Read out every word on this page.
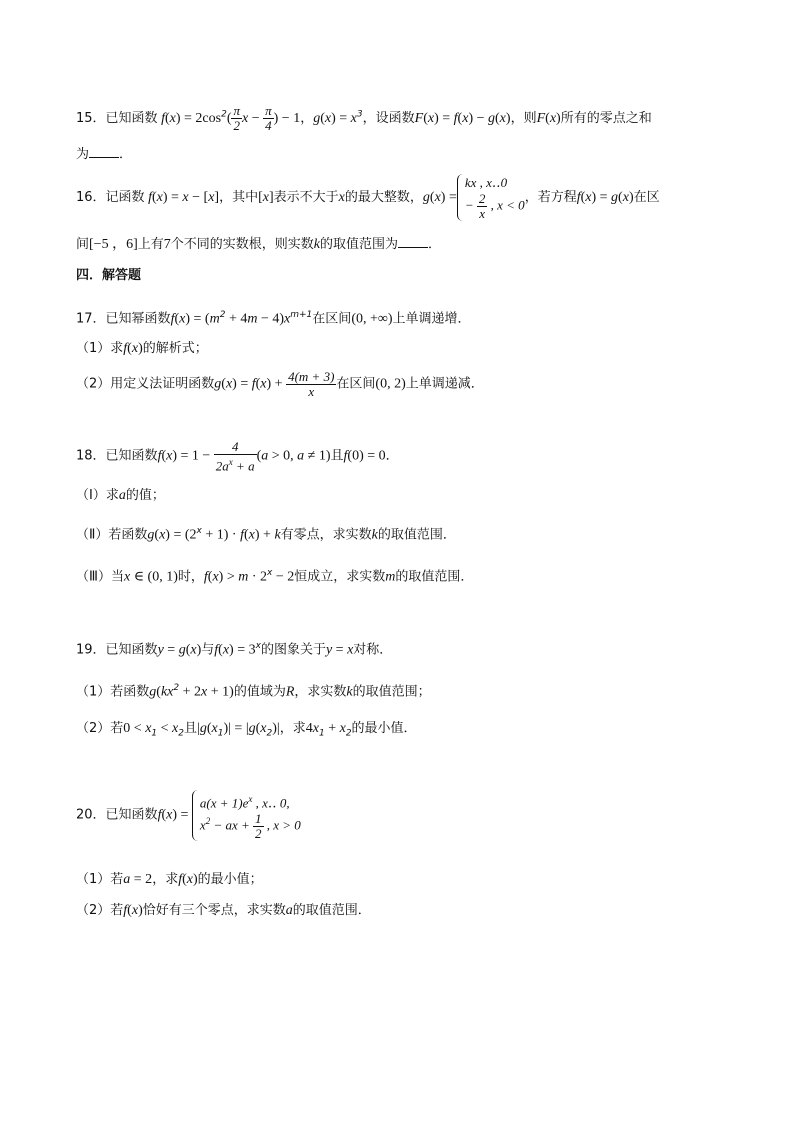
15．已知函数 $f(x) = 2\cos^2( \frac{\pi}{2}$ $x - \frac{\pi}{4}$ ) − 1，$g(x) = x^3$，设函数F(x) = f(x) − g(x)，则F(x)所有的零点之和
为 ．
16．记函数 f(x) = x − [x]，其中[x]表示不大于x的最大整数，g(x) =
kx , x‥0
− $\frac{2}{x}$ , x < 0
，若方程f(x) = g(x)在区
间[−5 ，6]上有7个不同的实数根，则实数k的取值范围为 ．
四．解答题
17．已知幂函数$f(x) = (m^2 + 4m - 4)x^{m+1}$在区间(0, +∞)上单调递增．
（1）求f(x)的解析式；
（2）用定义法证明函数$g(x) = f(x) + \frac{4(m + 3)}{x}$ 在区间(0, 2)上单调递减．
18．已知函数$f(x) = 1 - \frac{4}{2a^x + a} (a > 0$, a ≠ 1)且f(0) = 0．
（Ⅰ）求a的值；
（Ⅱ）若函数$g(x) = (2^x + 1) \cdot f(x) + k$有零点，求实数k的取值范围．
（Ⅲ）当x ∈ (0, 1)时，$f(x) > m \cdot 2^x - 2$恒成立，求实数m的取值范围．
19．已知函数y = g(x)与$f(x) = 3^x$的图象关于y = x对称．
（1）若函数$g(kx^2 + 2x + 1)$的值域为R，求实数k的取值范围；
（2）若$0 < x_1 < x_2$且$|g(x_1)| = |g(x_2)|$，求$4x_1 + x_2$的最小值．
20．已知函数f(x) =
$a(x + 1)e^x$ , x‥ 0,
$x^2$ − ax + $\frac{1}{2}$ , x > 0
（1）若a = 2，求f(x)的最小值；
（2）若f(x)恰好有三个零点，求实数a的取值范围．
